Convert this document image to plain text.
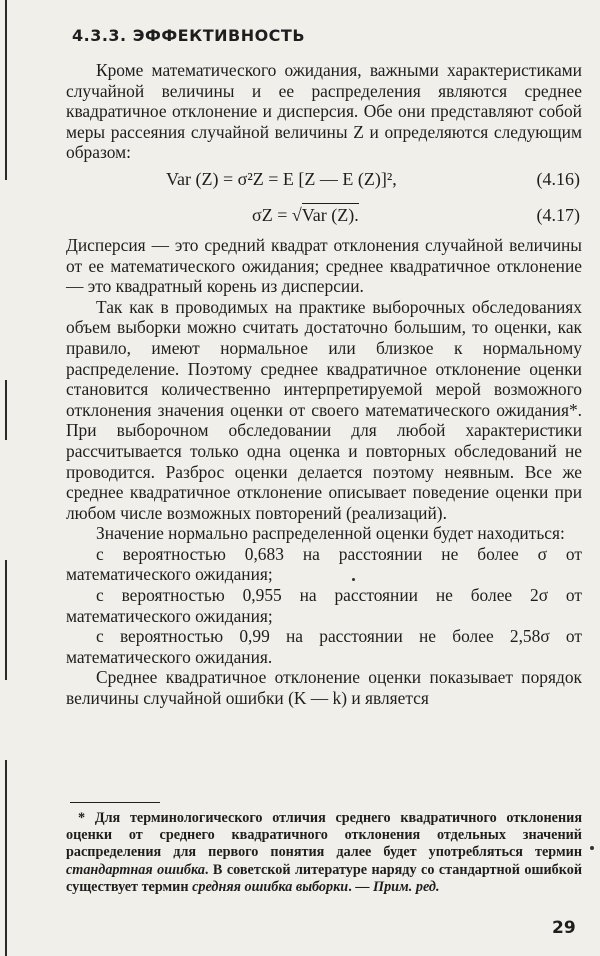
4.3.3. ЭФФЕКТИВНОСТЬ

Кроме математического ожидания, важными характеристиками случайной величины и ее распределения являются среднее квадратичное отклонение и дисперсия. Обе они представляют собой меры рассеяния случайной величины Z и определяются следующим образом:

Var (Z) = σ²Z = E [Z — E (Z)]²,	(4.16)
σZ = √Var (Z).	(4.17)

Дисперсия — это средний квадрат отклонения случайной величины от ее математического ожидания; среднее квадратичное отклонение — это квадратный корень из дисперсии.

Так как в проводимых на практике выборочных обследованиях объем выборки можно считать достаточно большим, то оценки, как правило, имеют нормальное или близкое к нормальному распределение. Поэтому среднее квадратичное отклонение оценки становится количественно интерпретируемой мерой возможного отклонения значения оценки от своего математического ожидания*. При выборочном обследовании для любой характеристики рассчитывается только одна оценка и повторных обследований не проводится. Разброс оценки делается поэтому неявным. Все же среднее квадратичное отклонение описывает поведение оценки при любом числе возможных повторений (реализаций).

Значение нормально распределенной оценки будет находиться:

с вероятностью 0,683 на расстоянии не более σ от математического ожидания;

с вероятностью 0,955 на расстоянии не более 2σ от математического ожидания;

с вероятностью 0,99 на расстоянии не более 2,58σ от математического ожидания.

Среднее квадратичное отклонение оценки показывает порядок величины случайной ошибки (K — k) и является

* Для терминологического отличия среднего квадратичного отклонения оценки от среднего квадратичного отклонения отдельных значений распределения для первого понятия далее будет употребляться термин стандартная ошибка. В советской литературе наряду со стандартной ошибкой существует термин средняя ошибка выборки. — Прим. ред.

29
